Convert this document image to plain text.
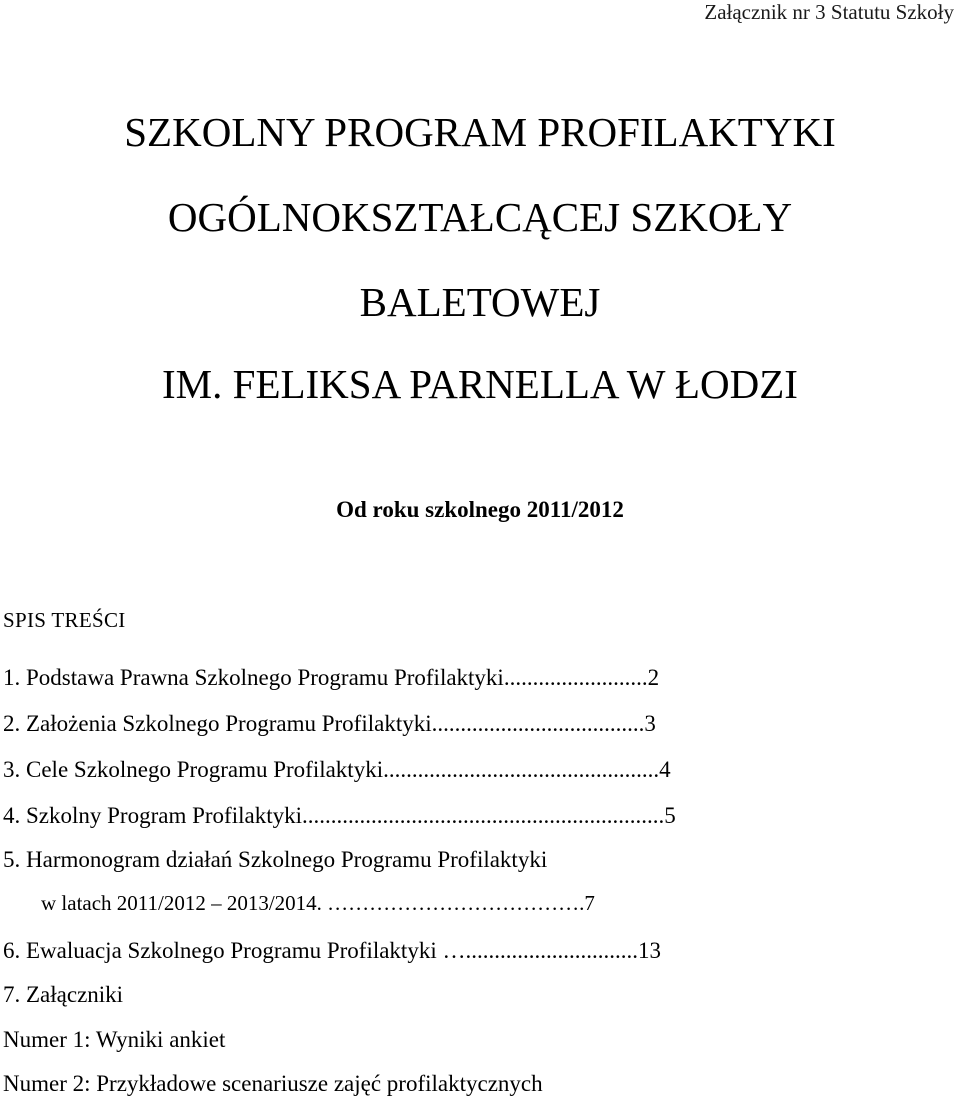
Załącznik nr 3 Statutu Szkoły
SZKOLNY PROGRAM PROFILAKTYKI
OGÓLNOKSZTAŁCĄCEJ SZKOŁY
BALETOWEJ
IM. FELIKSA PARNELLA W ŁODZI
Od roku szkolnego 2011/2012
SPIS TREŚCI
1. Podstawa Prawna Szkolnego Programu Profilaktyki.........................2
2. Założenia Szkolnego Programu Profilaktyki.....................................3
3. Cele Szkolnego Programu Profilaktyki................................................4
4. Szkolny Program Profilaktyki...............................................................5
5. Harmonogram działań Szkolnego Programu Profilaktyki
w latach 2011/2012 – 2013/2014. ……………………………….7
6. Ewaluacja Szkolnego Programu Profilaktyki …..............................13
7. Załączniki
Numer 1: Wyniki ankiet
Numer 2: Przykładowe scenariusze zajęć profilaktycznych
